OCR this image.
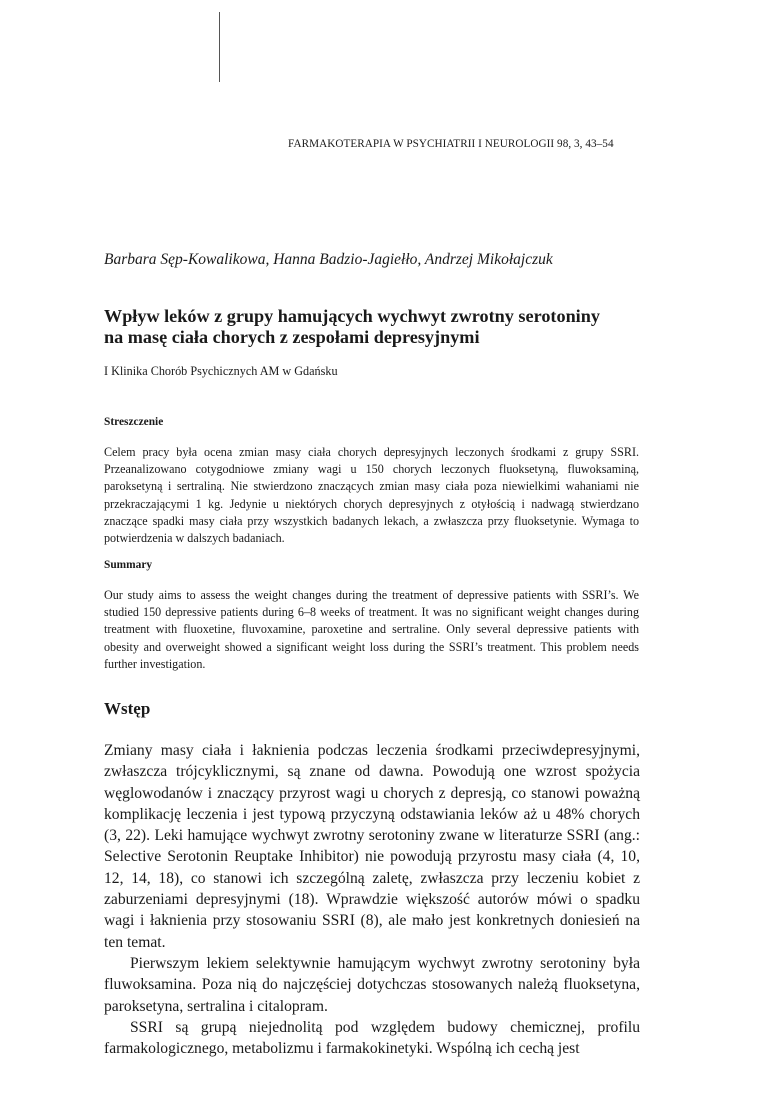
FARMAKOTERAPIA W PSYCHIATRII I NEUROLOGII 98, 3, 43–54
Barbara Sęp-Kowalikowa, Hanna Badzio-Jagiełło, Andrzej Mikołajczuk
Wpływ leków z grupy hamujących wychwyt zwrotny serotoniny
na masę ciała chorych z zespołami depresyjnymi
I Klinika Chorób Psychicznych AM w Gdańsku
Streszczenie
Celem pracy była ocena zmian masy ciała chorych depresyjnych leczonych środkami z grupy SSRI. Przeanalizowano cotygodniowe zmiany wagi u 150 chorych leczonych fluoksetyną, fluwoksaminą, paroksetyną i sertraliną. Nie stwierdzono znaczących zmian masy ciała poza niewielkimi wahaniami nie przekraczającymi 1 kg. Jedynie u niektórych chorych depresyjnych z otyłością i nadwagą stwierdzano znaczące spadki masy ciała przy wszystkich badanych lekach, a zwłaszcza przy fluoksetynie. Wymaga to potwierdzenia w dalszych badaniach.
Summary
Our study aims to assess the weight changes during the treatment of depressive patients with SSRI’s. We studied 150 depressive patients during 6–8 weeks of treatment. It was no significant weight changes during treatment with fluoxetine, fluvoxamine, paroxetine and sertraline. Only several depressive patients with obesity and overweight showed a significant weight loss during the SSRI’s treatment. This problem needs further investigation.
Wstęp

Zmiany masy ciała i łaknienia podczas leczenia środkami przeciwdepresyjnymi, zwłaszcza trójcyklicznymi, są znane od dawna. Powodują one wzrost spożycia węglowodanów i znaczący przyrost wagi u chorych z depresją, co stanowi poważną komplikację leczenia i jest typową przyczyną odstawiania leków aż u 48% chorych (3, 22). Leki hamujące wychwyt zwrotny serotoniny zwane w literaturze SSRI (ang.: Selective Serotonin Reuptake Inhibitor) nie powodują przyrostu masy ciała (4, 10, 12, 14, 18), co stanowi ich szczególną zaletę, zwłaszcza przy leczeniu kobiet z zaburzeniami depresyjnymi (18). Wprawdzie większość autorów mówi o spadku wagi i łaknienia przy stosowaniu SSRI (8), ale mało jest konkretnych doniesień na ten temat.

Pierwszym lekiem selektywnie hamującym wychwyt zwrotny serotoniny była fluwoksamina. Poza nią do najczęściej dotychczas stosowanych należą fluoksetyna, paroksetyna, sertralina i citalopram.

SSRI są grupą niejednolitą pod względem budowy chemicznej, profilu farmakologicznego, metabolizmu i farmakokinetyki. Wspólną ich cechą jest
